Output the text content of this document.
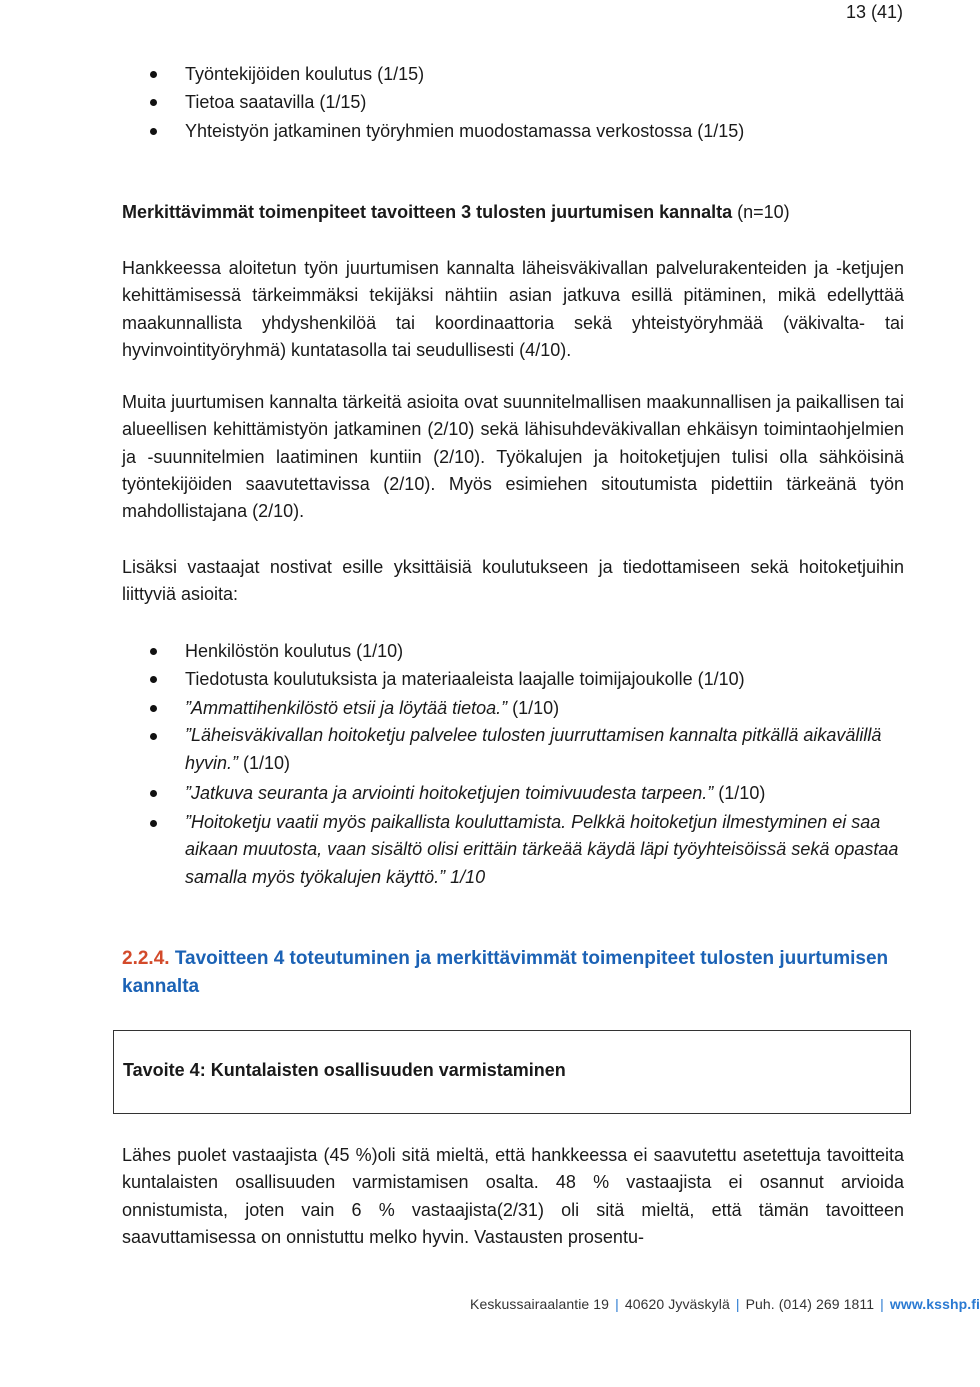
13 (41)
Työntekijöiden koulutus (1/15)
Tietoa saatavilla (1/15)
Yhteistyön jatkaminen työryhmien muodostamassa verkostossa (1/15)
Merkittävimmät toimenpiteet tavoitteen 3 tulosten juurtumisen kannalta (n=10)
Hankkeessa aloitetun työn juurtumisen kannalta läheisväkivallan palvelurakenteiden ja -ketjujen kehittämisessä tärkeimmäksi tekijäksi nähtiin asian jatkuva esillä pitäminen, mikä edellyttää maakunnallista yhdyshenkilöä tai koordinaattoria sekä yhteistyöryhmää (väkivalta- tai hyvinvointityöryhmä) kuntatasolla tai seudullisesti (4/10).
Muita juurtumisen kannalta tärkeitä asioita ovat suunnitelmallisen maakunnallisen ja paikallisen tai alueellisen kehittämistyön jatkaminen (2/10) sekä lähisuhdeväkivallan ehkäisyn toimintaohjelmien ja -suunnitelmien laatiminen kuntiin (2/10). Työkalujen ja hoitoketjujen tulisi olla sähköisinä työntekijöiden saavutettavissa (2/10). Myös esimiehen sitoutumista pidettiin tärkeänä työn mahdollistajana (2/10).
Lisäksi vastaajat nostivat esille yksittäisiä koulutukseen ja tiedottamiseen sekä hoitoketjuihin liittyviä asioita:
Henkilöstön koulutus (1/10)
Tiedotusta koulutuksista ja materiaaleista laajalle toimijajoukolle (1/10)
”Ammattihenkilöstö etsii ja löytää tietoa.” (1/10)
”Läheisväkivallan hoitoketju palvelee tulosten juurruttamisen kannalta pitkällä aikavälillä hyvin.” (1/10)
”Jatkuva seuranta ja arviointi hoitoketjujen toimivuudesta tarpeen.” (1/10)
”Hoitoketju vaatii myös paikallista kouluttamista. Pelkkä hoitoketjun ilmestyminen ei saa aikaan muutosta, vaan sisältö olisi erittäin tärkeää käydä läpi työyhteisöissä sekä opastaa samalla myös työkalujen käyttö.” 1/10
2.2.4. Tavoitteen 4 toteutuminen ja merkittävimmät toimenpiteet tulosten juurtumisen kannalta
Tavoite 4: Kuntalaisten osallisuuden varmistaminen
Lähes puolet vastaajista (45 %)oli sitä mieltä, että hankkeessa ei saavutettu asetettuja tavoitteita kuntalaisten osallisuuden varmistamisen osalta. 48 % vastaajista ei osannut arvioida onnistumista, joten vain 6 % vastaajista(2/31) oli sitä mieltä, että tämän tavoitteen saavuttamisessa on onnistuttu melko hyvin. Vastausten prosentu-
Keskussairaalantie 19 | 40620 Jyväskylä | Puh. (014) 269 1811 | www.ksshp.fi
